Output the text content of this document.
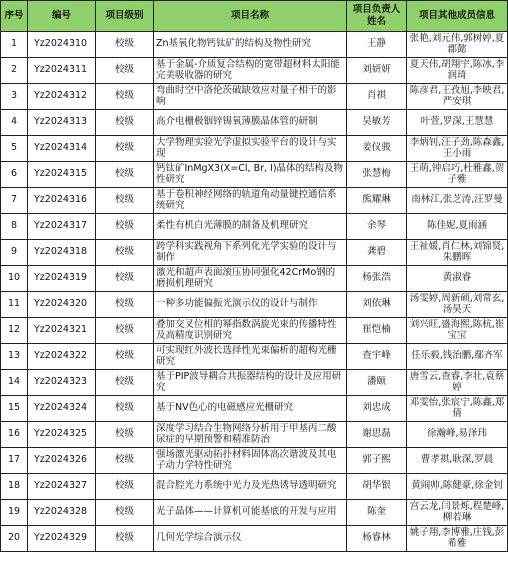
序号	编号	项目级别	项目名称	项目负责人姓名	项目其他成员信息
1	Yz2024310	校级	Zn基氧化物钙钛矿的结构及物性研究	王静	张艳,刘元伟,郭树婷,夏郡懿
2	Yz2024311	校级	基于金属-介质复合结构的宽带超材料太阳能完美吸收器的研究	刘妍妍	夏天伟,胡翔宇,陈冰,李润琦
3	Yz2024312	校级	弯曲时空中洛伦茨破缺效应对量子相干的影响	肖祺	陈彦君,王孜旭,李映君,严安琪
4	Yz2024313	校级	高介电栅极铟锌锡氧薄膜晶体管的研制	吴敏芳	叶萱,罗深,王慧慧
5	Yz2024314	校级	大学物理实验光学虚拟实验平台的设计与实现	姜仪骏	李炳钊,汪子劲,陈森鑫,王小雨
6	Yz2024315	校级	钙钛矿InMgX3(X=Cl, Br, I)晶体的结构及物性研究	张慧梅	王萌,钟启巧,杜雅鑫,贺子雅
7	Yz2024316	校级	基于卷积神经网络的轨道角动量键控通信系统研究	熊耀琳	南林江,张芝涛,汪罗曼
8	Yz2024317	校级	柔性有机白光薄膜的制备及机理研究	余琴	陈佳妮,夏雨涵
9	Yz2024318	校级	跨学科实践视角下系列化光学实验的设计与制作	龚碧	王祉媛,肖仁林,刘锦贤,朱鹏晖
10	Yz2024319	校级	激光和超声表面滚压协同强化42CrMo钢的磨损机理研究	杨张浩	黄淑睿
11	Yz2024320	校级	一种多功能偏振光演示仪的设计与制作	刘依琳	汤雯婷,周新硕,刘常玄,汤昊天
12	Yz2024321	校级	叠加交叉位相的幂指数涡旋光束的传播特性及高精度识别研究	崔恺楠	刘兴旺,盛海熙,陈杭,崔宝宝
13	Yz2024322	校级	可实现红外波长选择性光束偏析的超构光栅研究	查宇峰	任乐毅,钱治鹏,鄢齐军
14	Yz2024323	校级	基于PIP波导耦合共振器结构的设计及应用研究	潘颐	唐雪云,查睿,李壮,袁蔡婷
15	Yz2024324	校级	基于NV色心的电磁感应光栅研究	刘忠成	邓雯怡,张宸宁,陈鑫,郑倩
16	Yz2024325	校级	深度学习结合生物网络分析用于甲基丙二酸尿症的早期预警和精准防治	谢思磊	徐瀚峰,易泽玮
17	Yz2024326	校级	强场激光驱动拓扑材料固体高次谐波及其电子动力学特性研究	郭子熙	曹孝祺,耿深,罗晨
18	Yz2024327	校级	混合腔光力系统中光力及光热诱导透明研究	胡华银	黄闹帅,陈健豪,徐金钊
19	Yz2024328	校级	光子晶体——计算机可能基底的开发与应用	陈奎	宫云龙,闫景烁,程楚峰,柳若琳
20	Yz2024329	校级	几何光学综合演示仪	杨睿林	姚子翔,李博雅,庄钱,彭希雅
